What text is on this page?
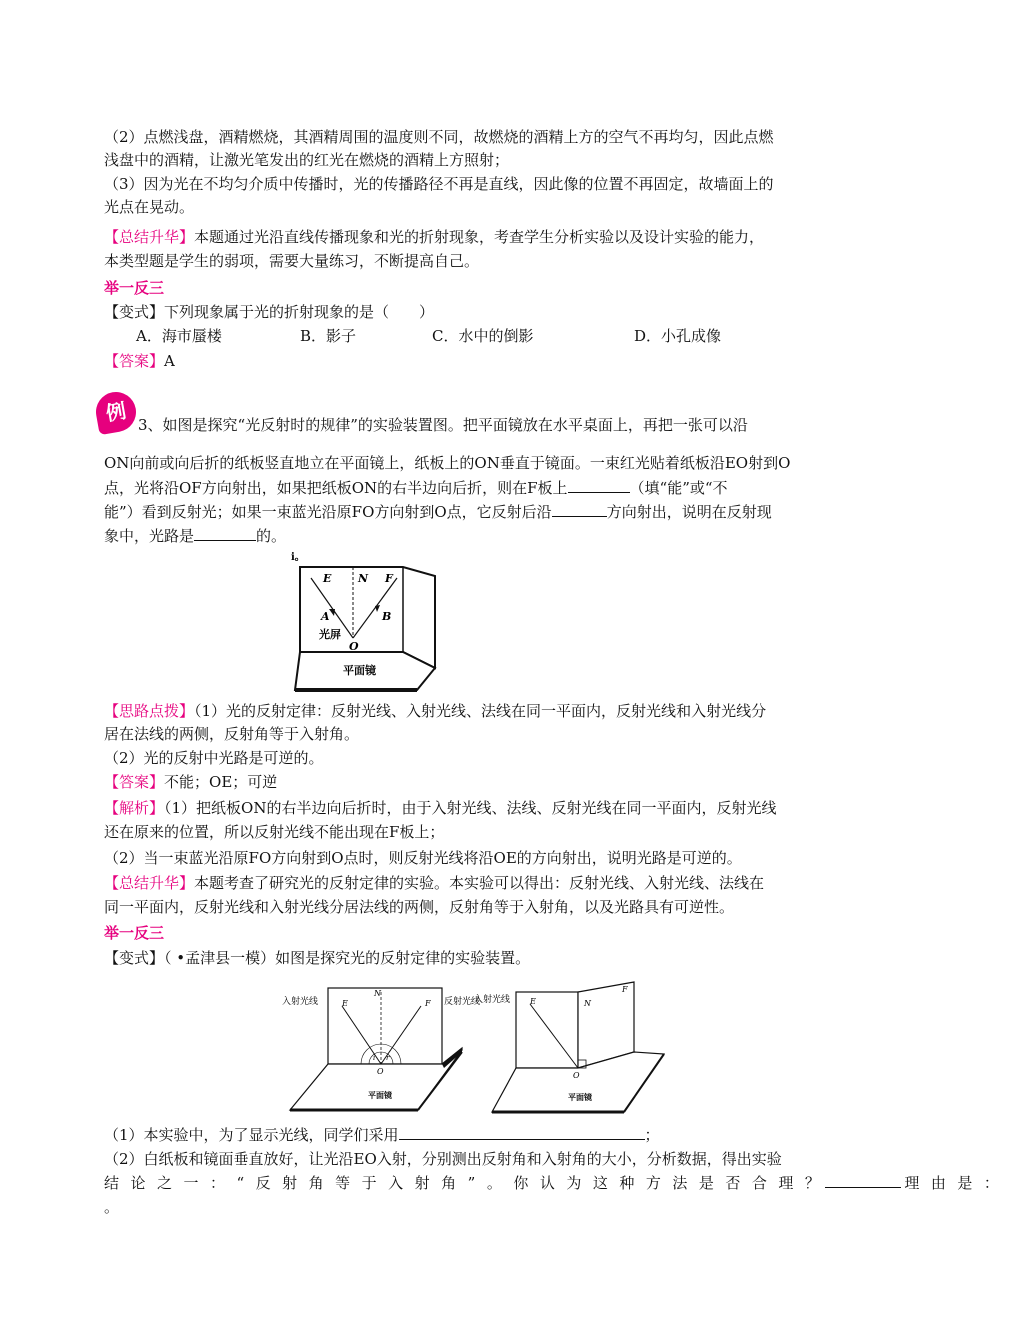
（2）点燃浅盘，酒精燃烧，其酒精周围的温度则不同，故燃烧的酒精上方的空气不再均匀，因此点燃
浅盘中的酒精，让激光笔发出的红光在燃烧的酒精上方照射；
（3）因为光在不均匀介质中传播时，光的传播路径不再是直线，因此像的位置不再固定，故墙面上的
光点在晃动。
【总结升华】本题通过光沿直线传播现象和光的折射现象，考查学生分析实验以及设计实验的能力，
本类型题是学生的弱项，需要大量练习，不断提高自己。
举一反三
【变式】下列现象属于光的折射现象的是（　　）
A．海市蜃楼	B．影子	C．水中的倒影	D．小孔成像
【答案】A
例 3、如图是探究“光反射时的规律”的实验装置图。把平面镜放在水平桌面上，再把一张可以沿
ON向前或向后折的纸板竖直地立在平面镜上，纸板上的ON垂直于镜面。一束红光贴着纸板沿EO射到O
点，光将沿OF方向射出，如果把纸板ON的右半边向后折，则在F板上	（填“能”或“不
能”）看到反射光；如果一束蓝光沿原FO方向射到O点，它反射后沿	方向射出，说明在反射现
象中，光路是	的。
i。
E N F
A	B
光屏
O
平面镜
【思路点拨】（1）光的反射定律：反射光线、入射光线、法线在同一平面内，反射光线和入射光线分
居在法线的两侧，反射角等于入射角。
（2）光的反射中光路是可逆的。
【答案】不能；OE；可逆
【解析】（1）把纸板ON的右半边向后折时，由于入射光线、法线、反射光线在同一平面内，反射光线
还在原来的位置，所以反射光线不能出现在F板上；
（2）当一束蓝光沿原FO方向射到O点时，则反射光线将沿OE的方向射出，说明光路是可逆的。
【总结升华】本题考查了研究光的反射定律的实验。本实验可以得出：反射光线、入射光线、法线在
同一平面内，反射光线和入射光线分居法线的两侧，反射角等于入射角，以及光路具有可逆性。
举一反三
【变式】（ •孟津县一模）如图是探究光的反射定律的实验装置。
入射光线	反射光线
E
N
F
i r
O
平面镜
入射光线 E	N
F
O
平面镜
（1）本实验中，为了显示光线，同学们采用	；
（2）白纸板和镜面垂直放好，让光沿EO入射，分别测出反射角和入射角的大小，分析数据，得出实验
结论之一：“反射角等于入射角”。你认为这种方法是否合理？	理由是：
。
